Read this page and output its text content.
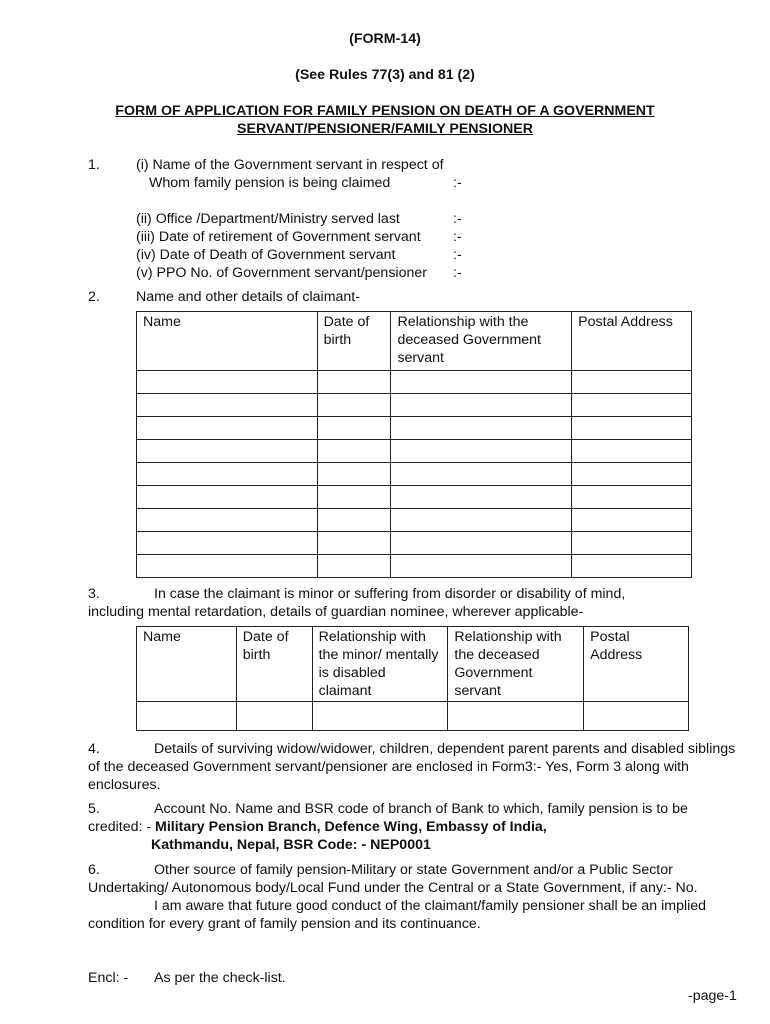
(FORM-14)
(See Rules 77(3) and 81 (2)
FORM OF APPLICATION FOR FAMILY PENSION ON DEATH OF A GOVERNMENT
SERVANT/PENSIONER/FAMILY PENSIONER
1.	(i) Name of the Government servant in respect of
Whom family pension is being claimed	:-
(ii) Office /Department/Ministry served last	:-
(iii) Date of retirement of Government servant :-
(iv) Date of Death of Government servant	:-
(v) PPO No. of Government servant/pensioner :-
2.	Name and other details of claimant-
Name	Date of birth	Relationship with the deceased Government servant	Postal Address

3.	In case the claimant is minor or suffering from disorder or disability of mind,
including mental retardation, details of guardian nominee, wherever applicable-
Name	Date of birth	Relationship with the minor/ mentally is disabled claimant	Relationship with the deceased Government servant	Postal Address

4.	Details of surviving widow/widower, children, dependent parent parents and disabled siblings of the deceased Government servant/pensioner are enclosed in Form3:- Yes, Form 3 along with enclosures.
5.	Account No. Name and BSR code of branch of Bank to which, family pension is to be credited: - Military Pension Branch, Defence Wing, Embassy of India,
Kathmandu, Nepal, BSR Code: - NEP0001
6.	Other source of family pension-Military or state Government and/or a Public Sector Undertaking/ Autonomous body/Local Fund under the Central or a State Government, if any:- No.
I am aware that future good conduct of the claimant/family pensioner shall be an implied condition for every grant of family pension and its continuance.
Encl: - As per the check-list.
-page-1
